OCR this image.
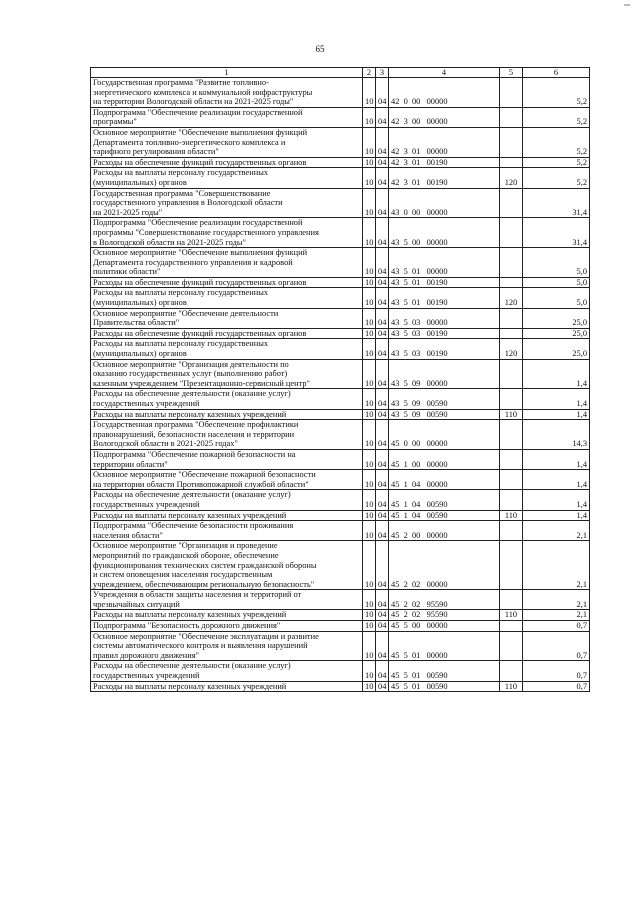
65
1	2	3	4	5	6
Государственная программа "Развитие топливно-
энергетического комплекса и коммунальной инфраструктуры
на территории Вологодской области на 2021-2025 годы"	10	04	42  0  00   00000		5,2
Подпрограмма "Обеспечение реализации государственной
программы"	10	04	42  3  00   00000		5,2
Основное мероприятие "Обеспечение выполнения функций
Департамента топливно-энергетического комплекса и
тарифного регулирования области"	10	04	42  3  01   00000		5,2
Расходы на обеспечение функций государственных органов	10	04	42  3  01   00190		5,2
Расходы на выплаты персоналу государственных
(муниципальных) органов	10	04	42  3  01   00190	120	5,2
Государственная программа "Совершенствование
государственного управления в Вологодской области
на 2021-2025 годы"	10	04	43  0  00   00000		31,4
Подпрограмма "Обеспечение реализации государственной
программы "Совершенствование государственного управления
в Вологодской области на 2021-2025 годы"	10	04	43  5  00   00000		31,4
Основное мероприятие "Обеспечение выполнения функций
Департамента государственного управления и кадровой
политики области"	10	04	43  5  01   00000		5,0
Расходы на обеспечение функций государственных органов	10	04	43  5  01   00190		5,0
Расходы на выплаты персоналу государственных
(муниципальных) органов	10	04	43  5  01   00190	120	5,0
Основное мероприятие "Обеспечение деятельности
Правительства области"	10	04	43  5  03   00000		25,0
Расходы на обеспечение функций государственных органов	10	04	43  5  03   00190		25,0
Расходы на выплаты персоналу государственных
(муниципальных) органов	10	04	43  5  03   00190	120	25,0
Основное мероприятие "Организация деятельности по
оказанию государственных услуг (выполнению работ)
казенным учреждением "Презентационно-сервисный центр"	10	04	43  5  09   00000		1,4
Расходы на обеспечение деятельности (оказание услуг)
государственных учреждений	10	04	43  5  09   00590		1,4
Расходы на выплаты персоналу казенных учреждений	10	04	43  5  09   00590	110	1,4
Государственная программа "Обеспечение профилактики
правонарушений, безопасности населения и территории
Вологодской области в 2021-2025 годах"	10	04	45  0  00   00000		14,3
Подпрограмма "Обеспечение пожарной безопасности на
территории области"	10	04	45  1  00   00000		1,4
Основное мероприятие "Обеспечение пожарной безопасности
на территории области Противопожарной службой области"	10	04	45  1  04   00000		1,4
Расходы на обеспечение деятельности (оказание услуг)
государственных учреждений	10	04	45  1  04   00590		1,4
Расходы на выплаты персоналу казенных учреждений	10	04	45  1  04   00590	110	1,4
Подпрограмма "Обеспечение безопасности проживания
населения области"	10	04	45  2  00   00000		2,1
Основное мероприятие "Организация и проведение
мероприятий по гражданской обороне, обеспечение
функционирования технических систем гражданской обороны
и систем оповещения населения государственным
учреждением, обеспечивающим региональную безопасность"	10	04	45  2  02   00000		2,1
Учреждения в области защиты населения и территорий от
чрезвычайных ситуаций	10	04	45  2  02   95590		2,1
Расходы на выплаты персоналу казенных учреждений	10	04	45  2  02   95590	110	2,1
Подпрограмма "Безопасность дорожного движения"	10	04	45  5  00   00000		0,7
Основное мероприятие "Обеспечение эксплуатации и развитие
системы автоматического контроля и выявления нарушений
правил дорожного движения"	10	04	45  5  01   00000		0,7
Расходы на обеспечение деятельности (оказание услуг)
государственных учреждений	10	04	45  5  01   00590		0,7
Расходы на выплаты персоналу казенных учреждений	10	04	45  5  01   00590	110	0,7
